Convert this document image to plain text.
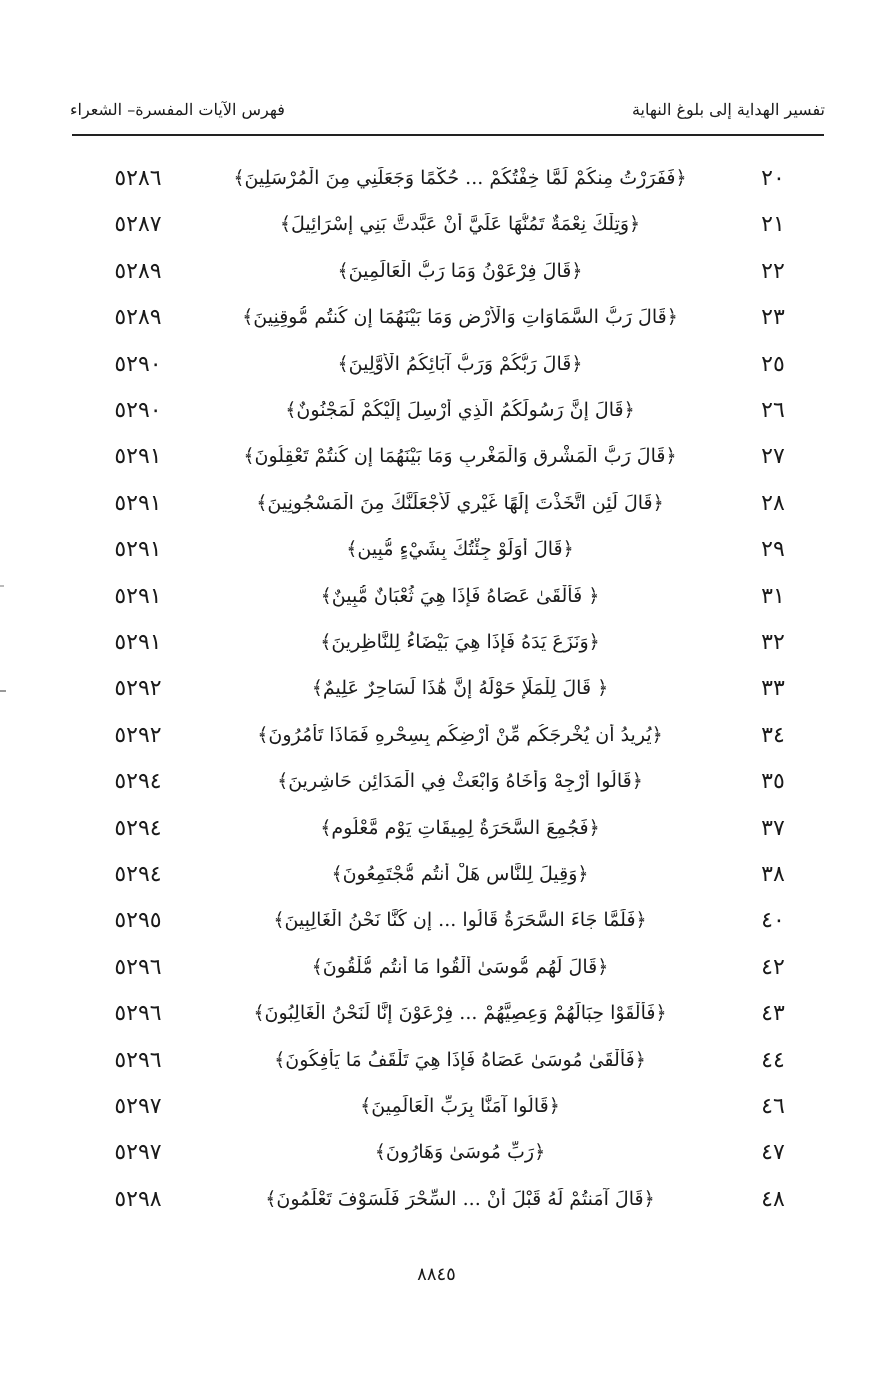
تفسير الهداية إلى بلوغ النهاية
فهرس الآيات المفسرة– الشعراء
٢٠
﴿فَفَرَرْتُ مِنكُمْ لَمَّا خِفْتُكُمْ ... حُكْمًا وَجَعَلَنِي مِنَ الْمُرْسَلِينَ﴾
٥٢٨٦
٢١
﴿وَتِلْكَ نِعْمَةٌ تَمُنُّهَا عَلَيَّ أَنْ عَبَّدتَّ بَنِي إِسْرَائِيلَ﴾
٥٢٨٧
٢٢
﴿قَالَ فِرْعَوْنُ وَمَا رَبُّ الْعَالَمِينَ﴾
٥٢٨٩
٢٣
﴿قَالَ رَبُّ السَّمَاوَاتِ وَالْأَرْضِ وَمَا بَيْنَهُمَا إِن كُنتُم مُّوقِنِينَ﴾
٥٢٨٩
٢٥
﴿قَالَ رَبُّكُمْ وَرَبُّ آبَائِكُمُ الْأَوَّلِينَ﴾
٥٢٩٠
٢٦
﴿قَالَ إِنَّ رَسُولَكُمُ الَّذِي أُرْسِلَ إِلَيْكُمْ لَمَجْنُونٌ﴾
٥٢٩٠
٢٧
﴿قَالَ رَبُّ الْمَشْرِقِ وَالْمَغْرِبِ وَمَا بَيْنَهُمَا إِن كُنتُمْ تَعْقِلُونَ﴾
٥٢٩١
٢٨
﴿قَالَ لَئِنِ اتَّخَذْتَ إِلَٰهًا غَيْرِي لَأَجْعَلَنَّكَ مِنَ الْمَسْجُونِينَ﴾
٥٢٩١
٢٩
﴿قَالَ أَوَلَوْ جِئْتُكَ بِشَيْءٍ مُّبِينٍ﴾
٥٢٩١
٣١
﴿ فَأَلْقَىٰ عَصَاهُ فَإِذَا هِيَ ثُعْبَانٌ مُّبِينٌ﴾
٥٢٩١
٣٢
﴿وَنَزَعَ يَدَهُ فَإِذَا هِيَ بَيْضَاءُ لِلنَّاظِرِينَ﴾
٥٢٩١
٣٣
﴿ قَالَ لِلْمَلَإِ حَوْلَهُ إِنَّ هَٰذَا لَسَاحِرٌ عَلِيمٌ﴾
٥٢٩٢
٣٤
﴿يُرِيدُ أَن يُخْرِجَكُم مِّنْ أَرْضِكُم بِسِحْرِهِ فَمَاذَا تَأْمُرُونَ﴾
٥٢٩٢
٣٥
﴿قَالُوا أَرْجِهْ وَأَخَاهُ وَابْعَثْ فِي الْمَدَائِنِ حَاشِرِينَ﴾
٥٢٩٤
٣٧
﴿فَجُمِعَ السَّحَرَةُ لِمِيقَاتِ يَوْمٍ مَّعْلُومٍ﴾
٥٢٩٤
٣٨
﴿وَقِيلَ لِلنَّاسِ هَلْ أَنتُم مُّجْتَمِعُونَ﴾
٥٢٩٤
٤٠
﴿فَلَمَّا جَاءَ السَّحَرَةُ قَالُوا ... إِن كُنَّا نَحْنُ الْغَالِبِينَ﴾
٥٢٩٥
٤٢
﴿قَالَ لَهُم مُّوسَىٰ أَلْقُوا مَا أَنتُم مُّلْقُونَ﴾
٥٢٩٦
٤٣
﴿فَأَلْقَوْا حِبَالَهُمْ وَعِصِيَّهُمْ ... فِرْعَوْنَ إِنَّا لَنَحْنُ الْغَالِبُونَ﴾
٥٢٩٦
٤٤
﴿فَأَلْقَىٰ مُوسَىٰ عَصَاهُ فَإِذَا هِيَ تَلْقَفُ مَا يَأْفِكُونَ﴾
٥٢٩٦
٤٦
﴿قَالُوا آمَنَّا بِرَبِّ الْعَالَمِينَ﴾
٥٢٩٧
٤٧
﴿رَبِّ مُوسَىٰ وَهَارُونَ﴾
٥٢٩٧
٤٨
﴿قَالَ آمَنتُمْ لَهُ قَبْلَ أَنْ ... السِّحْرَ فَلَسَوْفَ تَعْلَمُونَ﴾
٥٢٩٨
٨٨٤٥
